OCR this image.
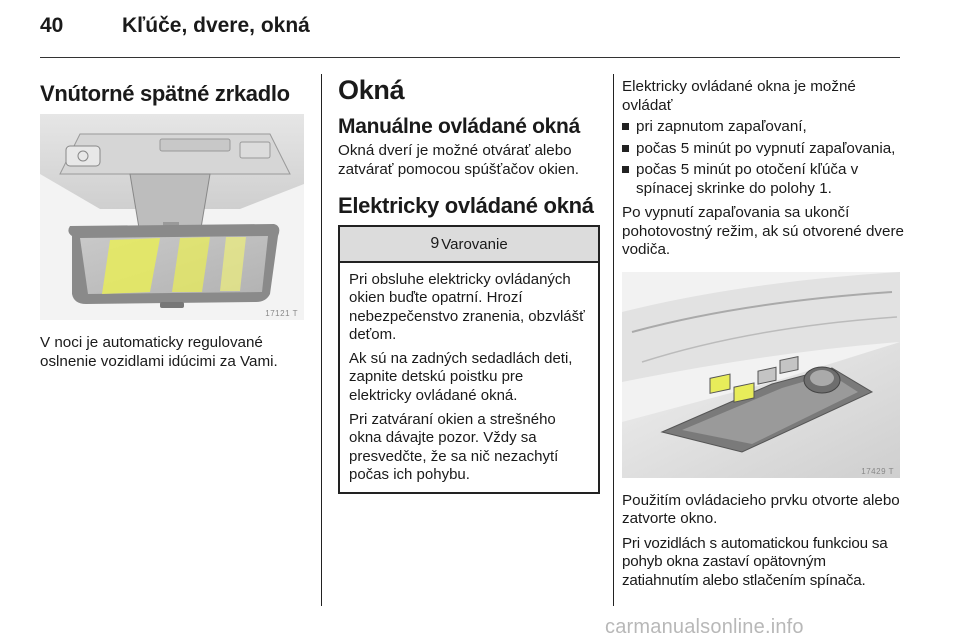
40	Kľúče, dvere, okná
Vnútorné spätné zrkadlo
17121 T

V noci je automaticky regulované oslnenie vozidlami idúcimi za Vami.

Okná
Manuálne ovládané okná

Okná dverí je možné otvárať alebo zatvárať pomocou spúšťačov okien.

Elektricky ovládané okná
9 Varovanie

Pri obsluhe elektricky ovládaných okien buďte opatrní. Hrozí nebezpečenstvo zranenia, obzvlášť deťom.

Ak sú na zadných sedadlách deti, zapnite detskú poistku pre elektricky ovládané okná.

Pri zatváraní okien a strešného okna dávajte pozor. Vždy sa presvedčte, že sa nič nezachytí počas ich pohybu.

Elektricky ovládané okna je možné ovládať

pri zapnutom zapaľovaní,
počas 5 minút po vypnutí zapaľovania,
počas 5 minút po otočení kľúča v spínacej skrinke do polohy 1.

Po vypnutí zapaľovania sa ukončí pohotovostný režim, ak sú otvorené dvere vodiča.

17429 T

Použitím ovládacieho prvku otvorte alebo zatvorte okno.

Pri vozidlách s automatickou funkciou sa pohyb okna zastaví opätovným zatiahnutím alebo stlačením spínača.

carmanualsonline.info
